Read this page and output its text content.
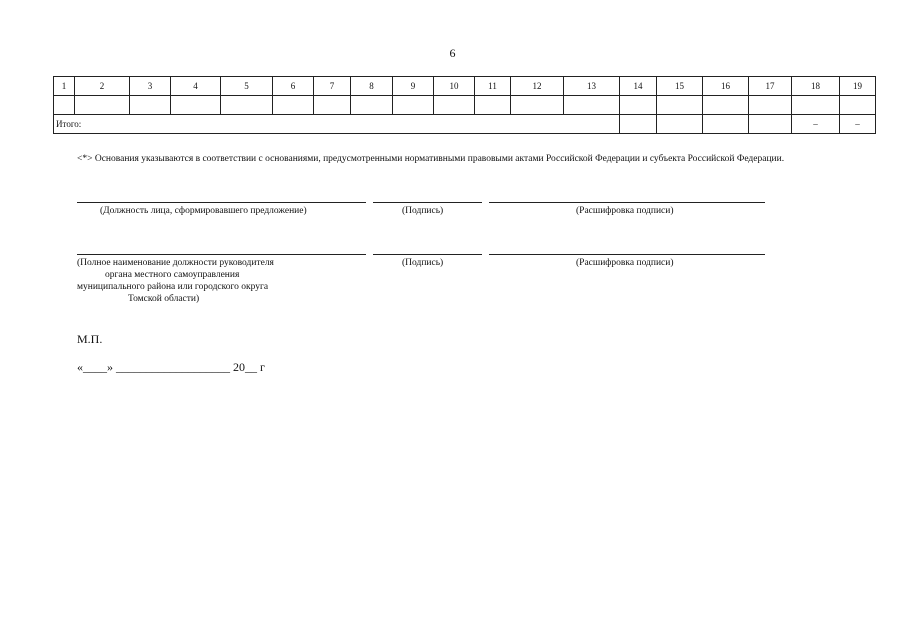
6
1	2	3	4	5	6	7	8	9	10	11	12	13	14	15	16	17	18	19

Итого:																	–	–
<*> Основания указываются в соответствии с основаниями, предусмотренными нормативными правовыми актами Российской Федерации и субъекта Российской Федерации.
(Должность лица, сформировавшего предложение)	(Подпись)	(Расшифровка подписи)
(Полное наименование должности руководителя
органа местного самоуправления
муниципального района или городского округа
Томской области)
(Подпись)	(Расшифровка подписи)
М.П.
«____» ___________________ 20__ г
